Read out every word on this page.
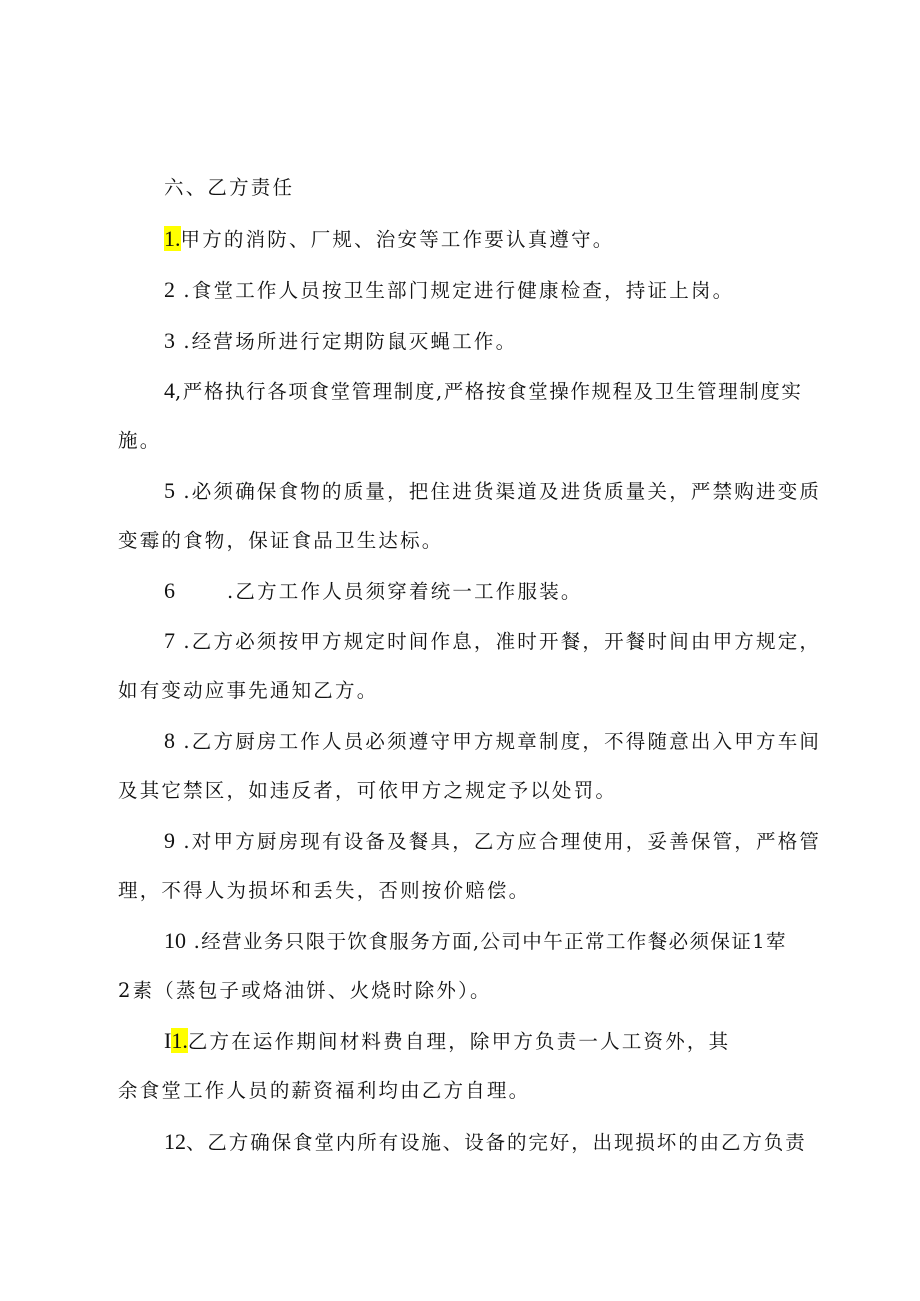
六、乙方责任
1.甲方的消防、厂规、治安等工作要认真遵守。
2 .食堂工作人员按卫生部门规定进行健康检查，持证上岗。
3 .经营场所进行定期防鼠灭蝇工作。
4,严格执行各项食堂管理制度,严格按食堂操作规程及卫生管理制度实
施。
5 .必须确保食物的质量，把住进货渠道及进货质量关，严禁购进变质
变霉的食物，保证食品卫生达标。
6	.乙方工作人员须穿着统一工作服装。
7 .乙方必须按甲方规定时间作息，准时开餐，开餐时间由甲方规定，
如有变动应事先通知乙方。
8 .乙方厨房工作人员必须遵守甲方规章制度，不得随意出入甲方车间
及其它禁区，如违反者，可依甲方之规定予以处罚。
9 .对甲方厨房现有设备及餐具，乙方应合理使用，妥善保管，严格管
理，不得人为损坏和丢失，否则按价赔偿。
10 .经营业务只限于饮食服务方面,公司中午正常工作餐必须保证1荤
2素（蒸包子或烙油饼、火烧时除外）。
I1.乙方在运作期间材料费自理，除甲方负责一人工资外，其
余食堂工作人员的薪资福利均由乙方自理。
12、乙方确保食堂内所有设施、设备的完好，出现损坏的由乙方负责
